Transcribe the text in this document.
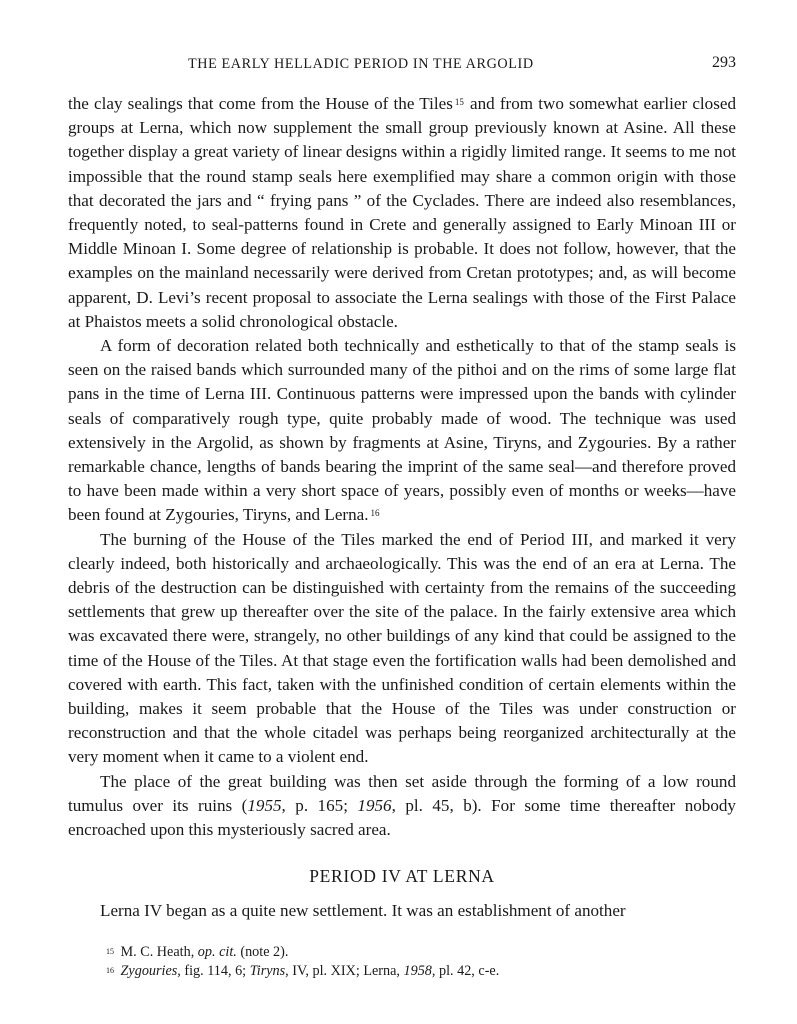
THE EARLY HELLADIC PERIOD IN THE ARGOLID	293

the clay sealings that come from the House of the Tiles $^{15}$ and from two somewhat earlier closed groups at Lerna, which now supplement the small group previously known at Asine. All these together display a great variety of linear designs within a rigidly limited range. It seems to me not impossible that the round stamp seals here exemplified may share a common origin with those that decorated the jars and “ frying pans ” of the Cyclades. There are indeed also resemblances, frequently noted, to seal-patterns found in Crete and generally assigned to Early Minoan III or Middle Minoan I. Some degree of relationship is probable. It does not follow, however, that the examples on the mainland necessarily were derived from Cretan prototypes; and, as will become apparent, D. Levi’s recent proposal to associate the Lerna sealings with those of the First Palace at Phaistos meets a solid chronological obstacle.

A form of decoration related both technically and esthetically to that of the stamp seals is seen on the raised bands which surrounded many of the pithoi and on the rims of some large flat pans in the time of Lerna III. Continuous patterns were impressed upon the bands with cylinder seals of comparatively rough type, quite probably made of wood. The technique was used extensively in the Argolid, as shown by fragments at Asine, Tiryns, and Zygouries. By a rather remarkable chance, lengths of bands bearing the imprint of the same seal—and therefore proved to have been made within a very short space of years, possibly even of months or weeks—have been found at Zygouries, Tiryns, and Lerna. $^{16}$

The burning of the House of the Tiles marked the end of Period III, and marked it very clearly indeed, both historically and archaeologically. This was the end of an era at Lerna. The debris of the destruction can be distinguished with certainty from the remains of the succeeding settlements that grew up thereafter over the site of the palace. In the fairly extensive area which was excavated there were, strangely, no other buildings of any kind that could be assigned to the time of the House of the Tiles. At that stage even the fortification walls had been demolished and covered with earth. This fact, taken with the unfinished condition of certain elements within the building, makes it seem probable that the House of the Tiles was under construction or reconstruction and that the whole citadel was perhaps being reorganized architecturally at the very moment when it came to a violent end.

The place of the great building was then set aside through the forming of a low round tumulus over its ruins (1955, p. 165; 1956, pl. 45, b). For some time thereafter nobody encroached upon this mysteriously sacred area.

PERIOD IV AT LERNA

Lerna IV began as a quite new settlement. It was an establishment of another

$^{15}$ M. C. Heath, op. cit. (note 2).

$^{16}$ Zygouries, fig. 114, 6; Tiryns, IV, pl. XIX; Lerna, 1958, pl. 42, c-e.
